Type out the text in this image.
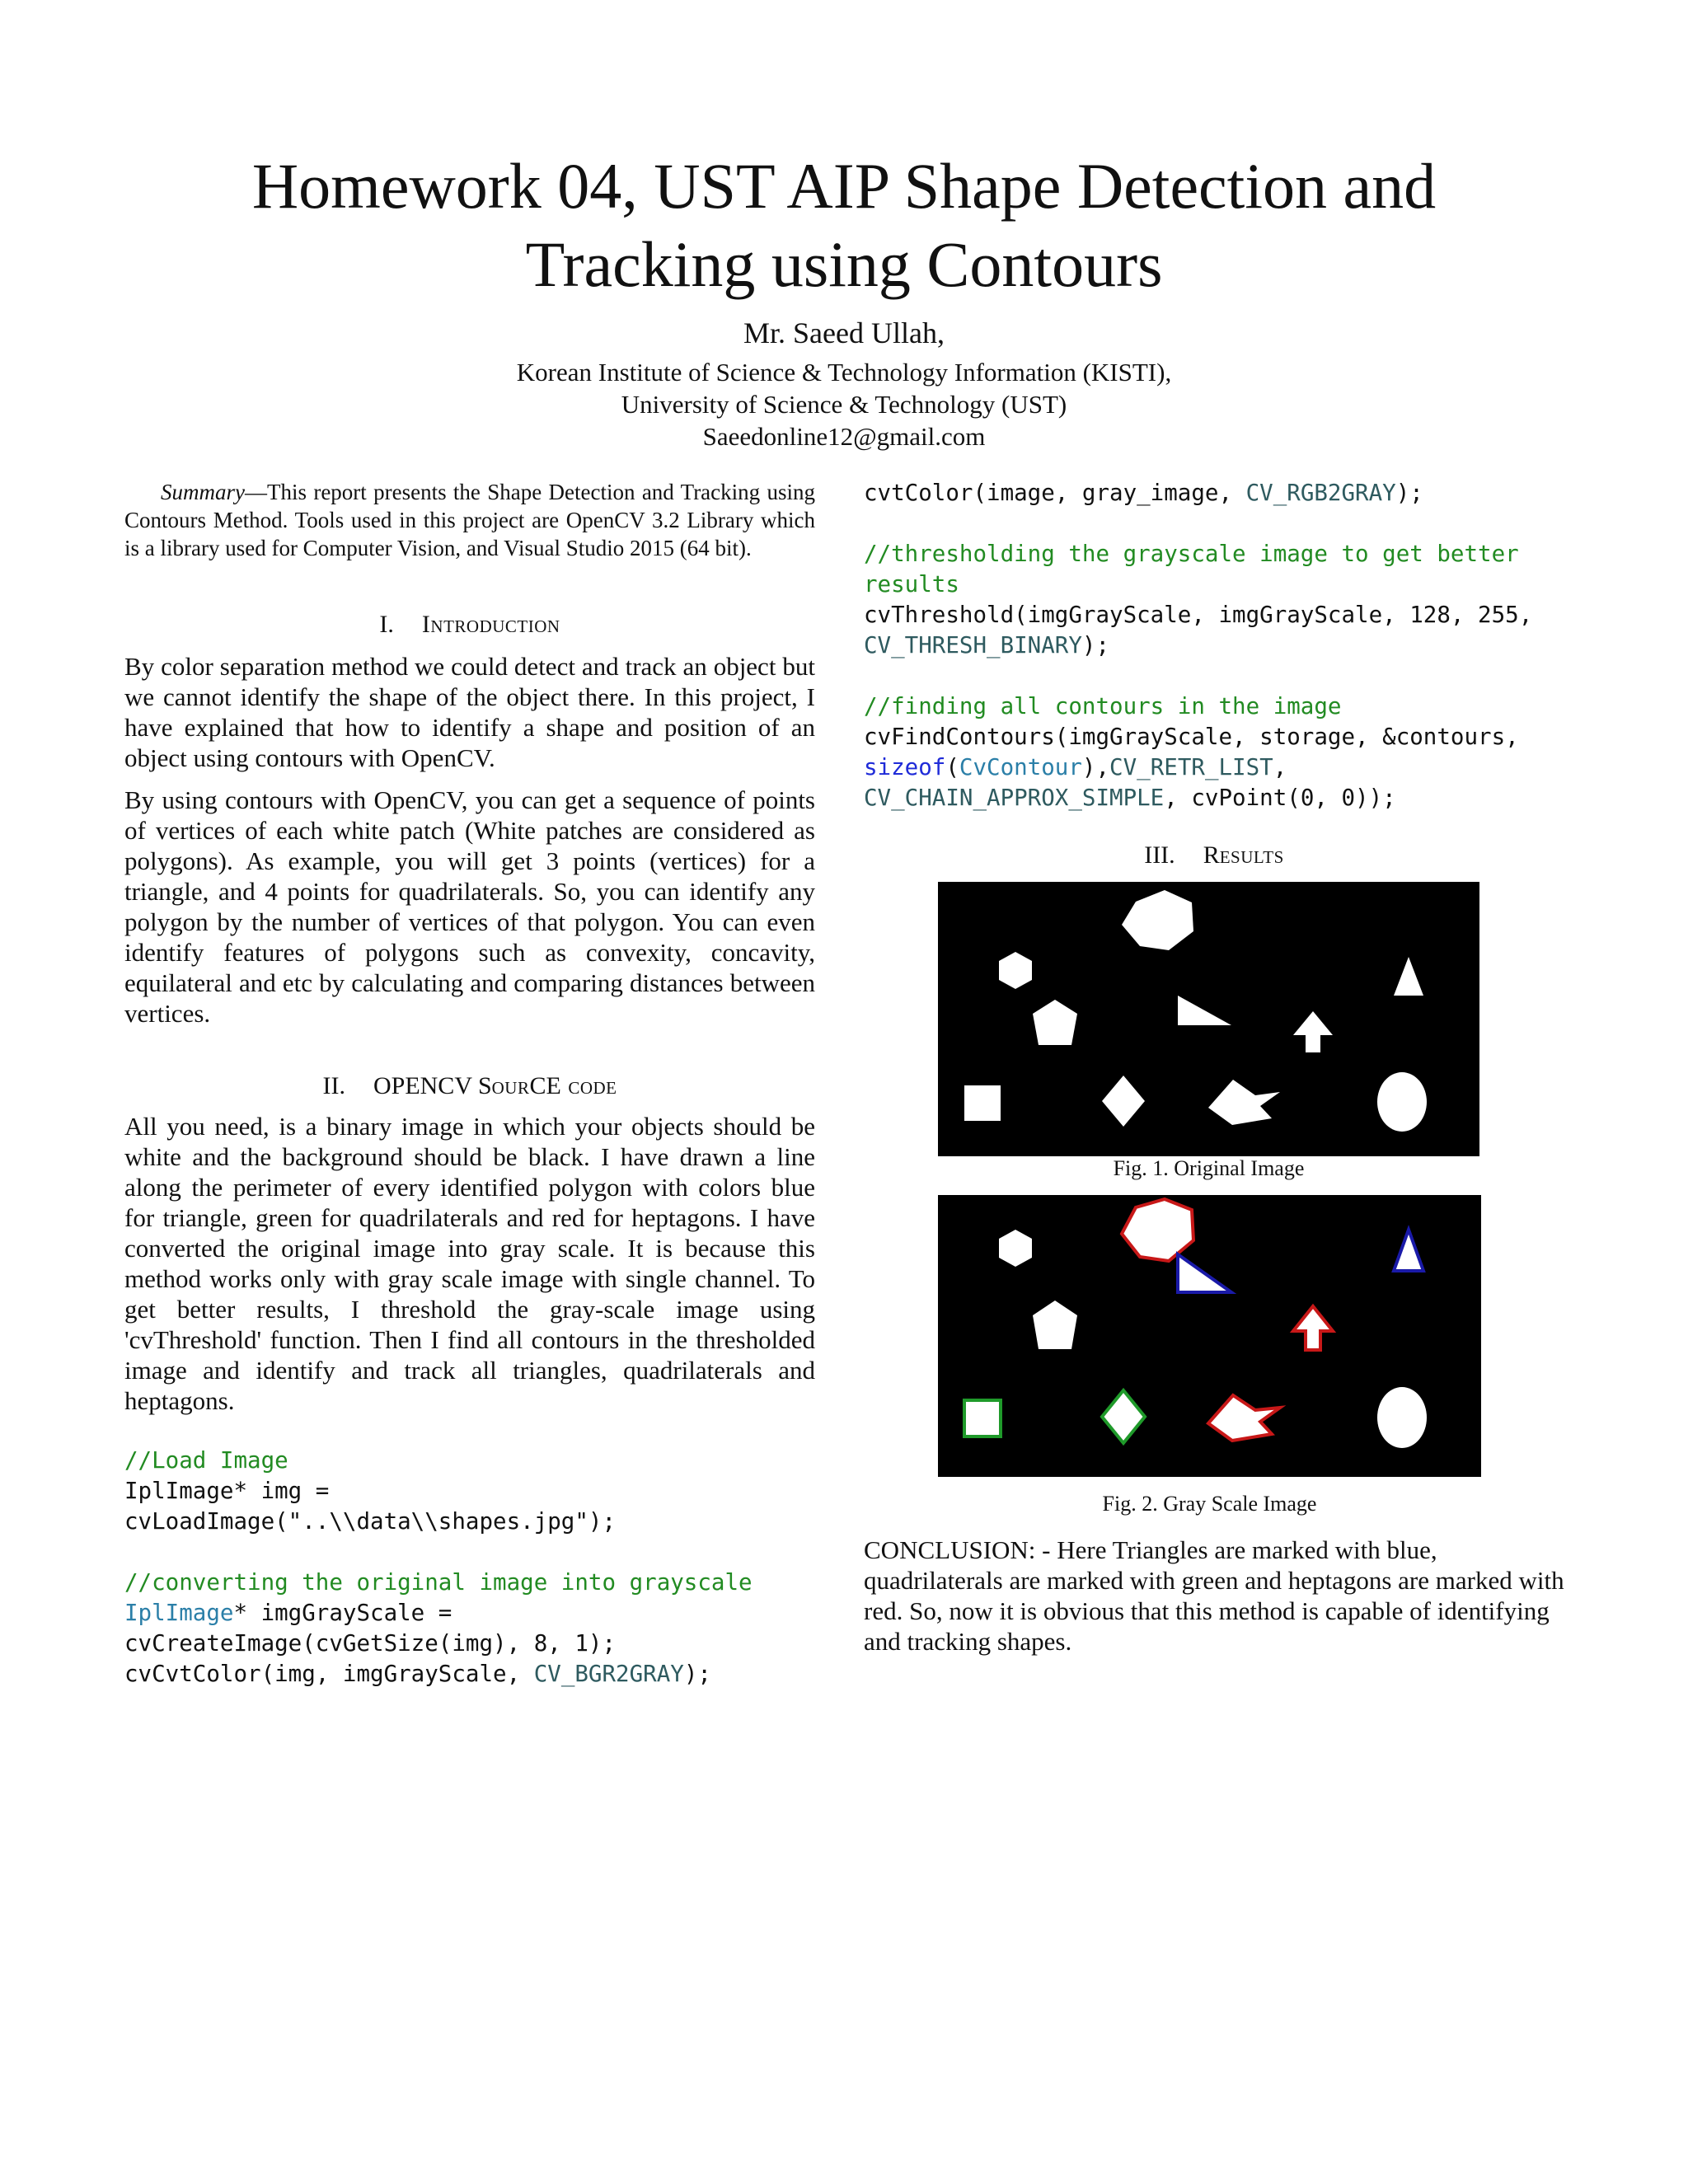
Homework 04, UST AIP Shape Detection and
Tracking using Contours
Mr. Saeed Ullah,
Korean Institute of Science & Technology Information (KISTI),
University of Science & Technology (UST)
Saeedonline12@gmail.com

Summary—This report presents the Shape Detection and Tracking using Contours Method. Tools used in this project are OpenCV 3.2 Library which is a library used for Computer Vision, and Visual Studio 2015 (64 bit).

I. Introduction

By color separation method we could detect and track an object but we cannot identify the shape of the object there. In this project, I have explained that how to identify a shape and position of an object using contours with OpenCV.

By using contours with OpenCV, you can get a sequence of points of vertices of each white patch (White patches are considered as polygons). As example, you will get 3 points (vertices) for a triangle, and 4 points for quadrilaterals. So, you can identify any polygon by the number of vertices of that polygon. You can even identify features of polygons such as convexity, concavity, equilateral and etc by calculating and comparing distances between vertices.

II. OPENCV SourCE code

All you need, is a binary image in which your objects should be white and the background should be black. I have drawn a line along the perimeter of every identified polygon with colors blue for triangle, green for quadrilaterals and red for heptagons. I have converted the original image into gray scale. It is because this method works only with gray scale image with single channel. To get better results, I threshold the gray-scale image using 'cvThreshold' function. Then I find all contours in the thresholded image and identify and track all triangles, quadrilaterals and heptagons.

//Load Image
IplImage* img =
cvLoadImage("..\\data\\shapes.jpg");

//converting the original image into grayscale
IplImage* imgGrayScale =
cvCreateImage(cvGetSize(img), 8, 1);
cvCvtColor(img, imgGrayScale, CV_BGR2GRAY);
cvtColor(image, gray_image, CV_RGB2GRAY);

//thresholding the grayscale image to get better
results
cvThreshold(imgGrayScale, imgGrayScale, 128, 255,
CV_THRESH_BINARY);

//finding all contours in the image
cvFindContours(imgGrayScale, storage, &contours,
sizeof(CvContour),CV_RETR_LIST,
CV_CHAIN_APPROX_SIMPLE, cvPoint(0, 0));

III. Results

Fig. 1. Original Image
Fig. 2. Gray Scale Image

CONCLUSION: - Here Triangles are marked with blue, quadrilaterals are marked with green and heptagons are marked with red. So, now it is obvious that this method is capable of identifying and tracking shapes.
